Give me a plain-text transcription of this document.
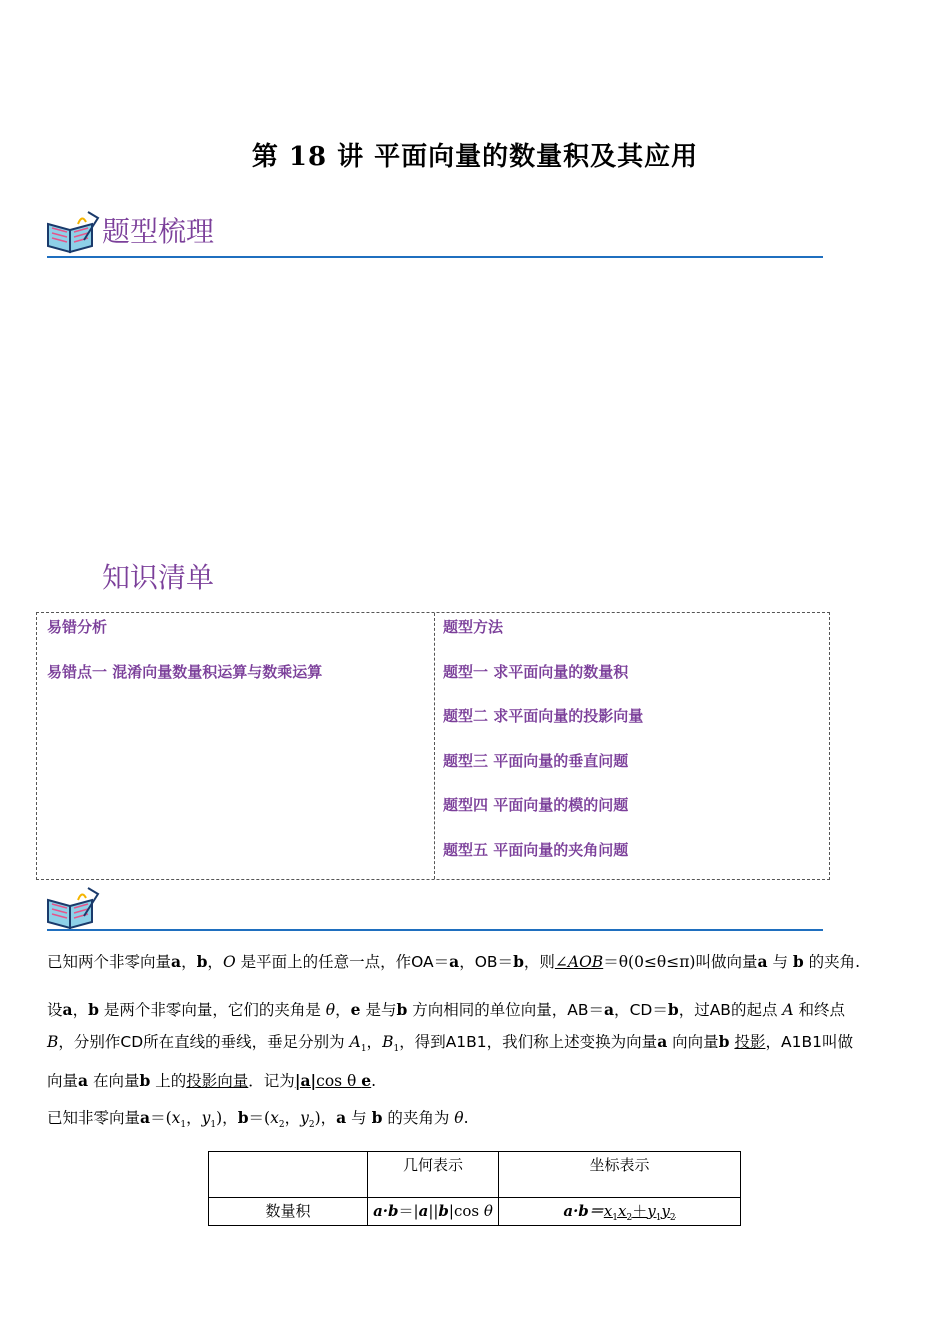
第 18 讲 平面向量的数量积及其应用
题型梳理
知识清单
易错分析
易错点一 混淆向量数量积运算与数乘运算
题型方法
题型一 求平面向量的数量积
题型二 求平面向量的投影向量
题型三 平面向量的垂直问题
题型四 平面向量的模的问题
题型五 平面向量的夹角问题
已知两个非零向量a，b，O 是平面上的任意一点，作OA＝a，OB＝b，则∠AOB＝θ(0≤θ≤π)叫做向量a 与 b 的夹角.
设a，b 是两个非零向量，它们的夹角是 θ，e 是与b 方向相同的单位向量，AB＝a，CD＝b，过AB的起点 A 和终点
B，分别作CD所在直线的垂线，垂足分别为 $A_1$，$B_1$，得到A1B1，我们称上述变换为向量a 向向量b 投影，A1B1叫做
向量a 在向量b 上的投影向量．记为|a|cos θ e.
已知非零向量$a=(x_1$，$y_1$)，$b=(x_2$，$y_2$)，a 与 b 的夹角为 θ.
	几何表示	坐标表示
数量积	a·b＝|a||b|cos θ	$a\cdot b=x_1x_2+y_1y_2$
